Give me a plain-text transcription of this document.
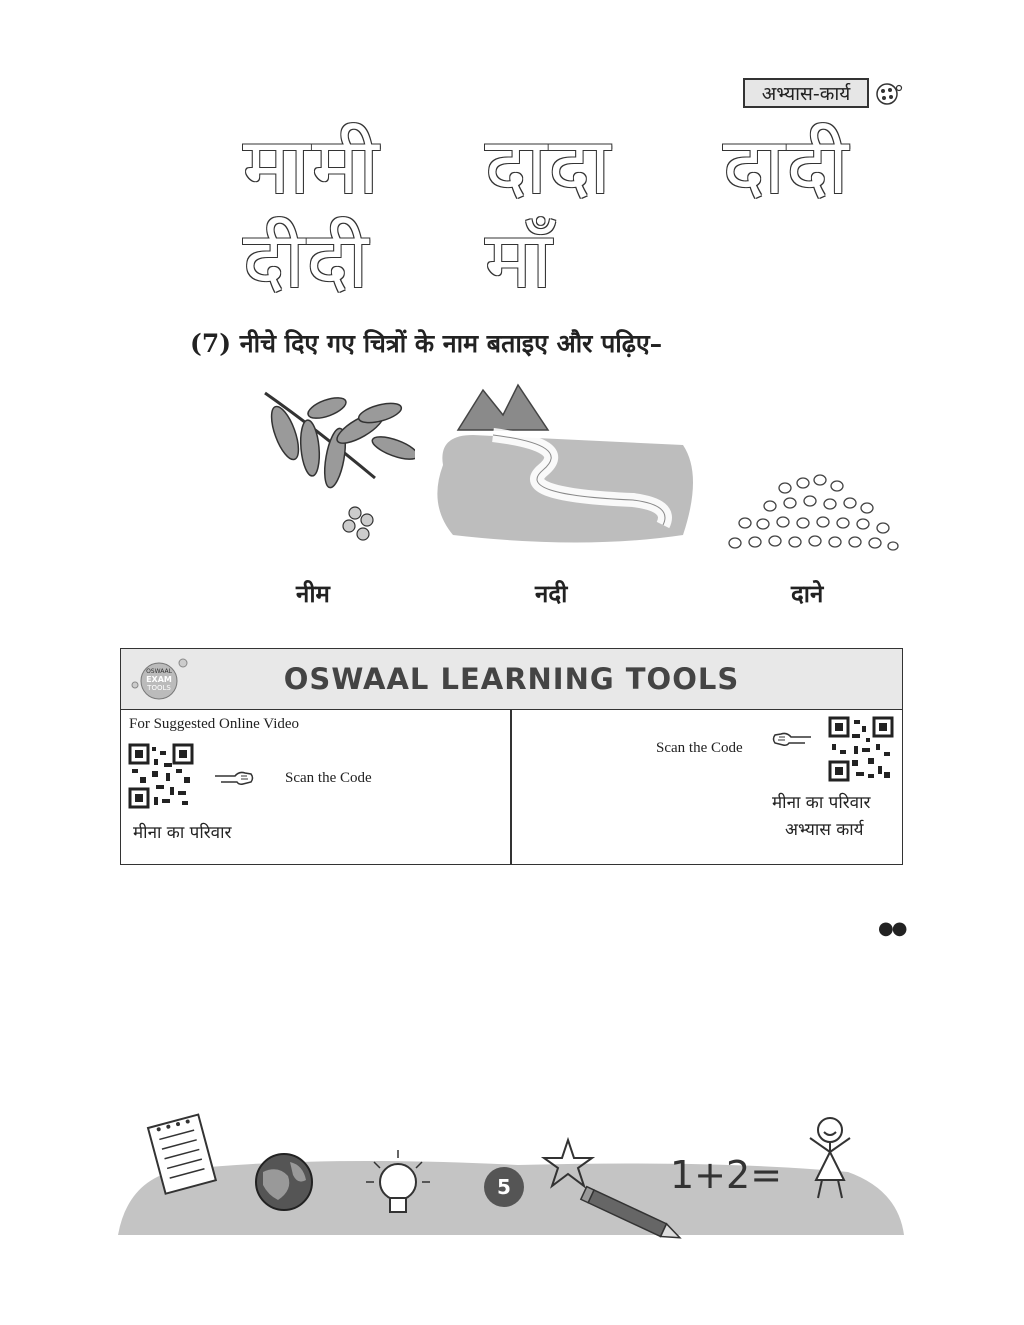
अभ्यास-कार्य
मामी दादा दादी
दीदी माँ
(7) नीचे दिए गए चित्रों के नाम बताइए और पढ़िए–
नीम	नदी	दाने
OSWAAL
EXAM
TOOLS	OSWAAL LEARNING TOOLS
For Suggested Online Video
Scan the Code
मीना का परिवार
Scan the Code
मीना का परिवार
अभ्यास कार्य
●●
1+2=
5
